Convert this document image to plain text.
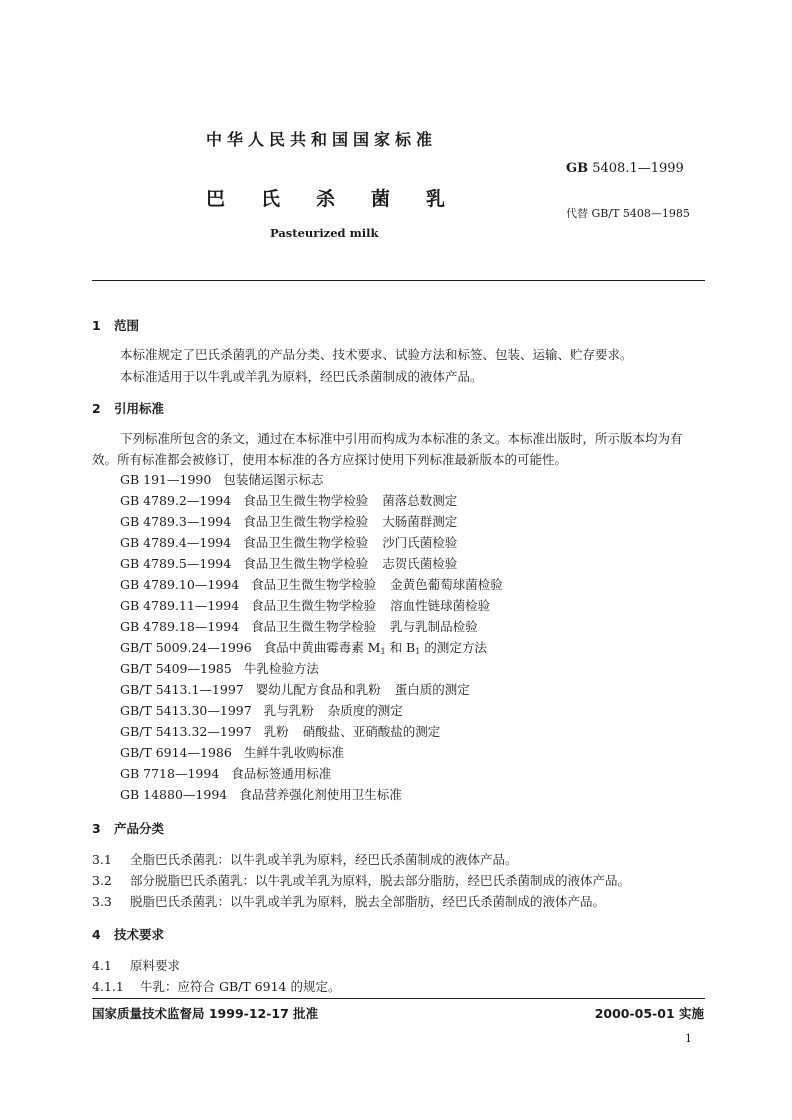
中华人民共和国国家标准
GB 5408.1—1999
巴氏杀菌乳
代替 GB/T 5408—1985
Pasteurized milk
1 范围
本标准规定了巴氏杀菌乳的产品分类、技术要求、试验方法和标签、包装、运输、贮存要求。
本标准适用于以牛乳或羊乳为原料，经巴氏杀菌制成的液体产品。
2 引用标准
下列标准所包含的条文，通过在本标准中引用而构成为本标准的条文。本标准出版时，所示版本均为有效。所有标准都会被修订，使用本标准的各方应探讨使用下列标准最新版本的可能性。
GB 191—1990 包装储运图示标志
GB 4789.2—1994 食品卫生微生物学检验 菌落总数测定
GB 4789.3—1994 食品卫生微生物学检验 大肠菌群测定
GB 4789.4—1994 食品卫生微生物学检验 沙门氏菌检验
GB 4789.5—1994 食品卫生微生物学检验 志贺氏菌检验
GB 4789.10—1994 食品卫生微生物学检验 金黄色葡萄球菌检验
GB 4789.11—1994 食品卫生微生物学检验 溶血性链球菌检验
GB 4789.18—1994 食品卫生微生物学检验 乳与乳制品检验
GB/T 5009.24—1996 食品中黄曲霉毒素 $M_1$ 和 $B_1$ 的测定方法
GB/T 5409—1985 牛乳检验方法
GB/T 5413.1—1997 婴幼儿配方食品和乳粉 蛋白质的测定
GB/T 5413.30—1997 乳与乳粉 杂质度的测定
GB/T 5413.32—1997 乳粉 硝酸盐、亚硝酸盐的测定
GB/T 6914—1986 生鲜牛乳收购标准
GB 7718—1994 食品标签通用标准
GB 14880—1994 食品营养强化剂使用卫生标准
3 产品分类
3.1 全脂巴氏杀菌乳：以牛乳或羊乳为原料，经巴氏杀菌制成的液体产品。
3.2 部分脱脂巴氏杀菌乳：以牛乳或羊乳为原料，脱去部分脂肪，经巴氏杀菌制成的液体产品。
3.3 脱脂巴氏杀菌乳：以牛乳或羊乳为原料，脱去全部脂肪，经巴氏杀菌制成的液体产品。
4 技术要求
4.1 原料要求
4.1.1 牛乳：应符合 GB/T 6914 的规定。
国家质量技术监督局 1999-12-17 批准	2000-05-01 实施
1
